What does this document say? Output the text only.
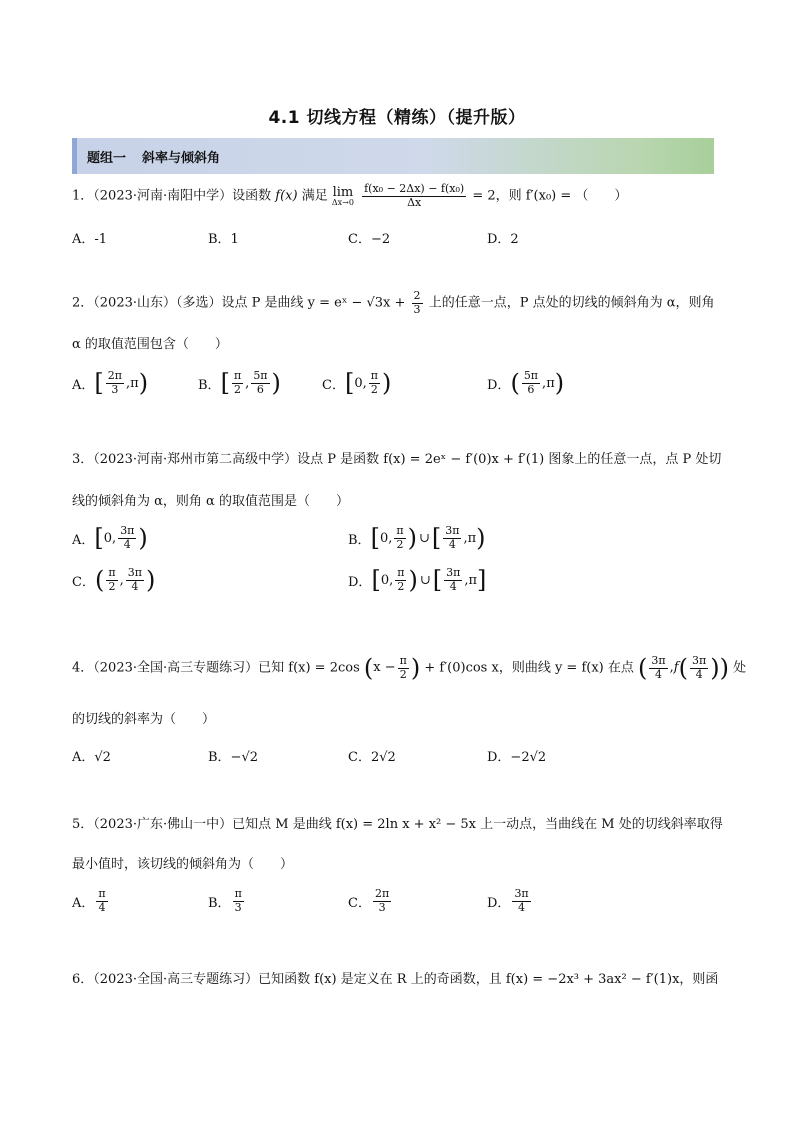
4.1 切线方程（精练）（提升版）
题组一 斜率与倾斜角
1．（2023·河南·南阳中学）设函数 f(x) 满足 lim
Δx→0
$\frac{\text{f(x₀ − 2Δx) − f(x₀)}}{\Delta x} = 2$，则 f′(x₀) = （　　）
A．-1	B．1	C．−2	D．2
2．（2023·山东）（多选）设点 P 是曲线 y = eˣ − $√3x + \frac{2}{3}$ 上的任意一点，P 点处的切线的倾斜角为 α，则角
α 的取值范围包含（　　）
A． [ $\frac{2\pi}{3}$ , π )	B． [ $\frac{\pi}{2}$ , $\frac{5\pi}{6}$ )	C． [ 0 , $\frac{\pi}{2}$ )	D． ( $\frac{5\pi}{6}$ , π )
3．（2023·河南·郑州市第二高级中学）设点 P 是函数 f(x) = 2eˣ − f′(0)x + f′(1) 图象上的任意一点，点 P 处切
线的倾斜角为 α，则角 α 的取值范围是（　　）
A． [ 0 , $\frac{3\pi}{4}$ )	B． [ 0 , $\frac{\pi}{2}$ ) ∪ [ $\frac{3\pi}{4}$ , π )
C． ( $\frac{\pi}{2}$ , $\frac{3\pi}{4}$ )	D． [ 0 , $\frac{\pi}{2}$ ) ∪ [ $\frac{3\pi}{4}$ , π ]
4．（2023·全国·高三专题练习）已知 f(x) = 2cos ( $x - \frac{\pi}{2}$ ) + f′(0)cos x，则曲线 y = f(x) 在点 ( $\frac{3\pi}{4}$ , f ( $\frac{3\pi}{4}$ ) ) 处
的切线的斜率为（　　）
A．√2	B．−√2	C．2√2	D．−2√2
5．（2023·广东·佛山一中）已知点 M 是曲线 f(x) = 2ln x + x² − 5x 上一动点，当曲线在 M 处的切线斜率取得
最小值时，该切线的倾斜角为（　　）
A． $\frac{\pi}{4}$	B． $\frac{\pi}{3}$	C． $\frac{2\pi}{3}$	D． $\frac{3\pi}{4}$
6．（2023·全国·高三专题练习）已知函数 f(x) 是定义在 R 上的奇函数，且 f(x) = −2x³ + 3ax² − f′(1)x，则函
